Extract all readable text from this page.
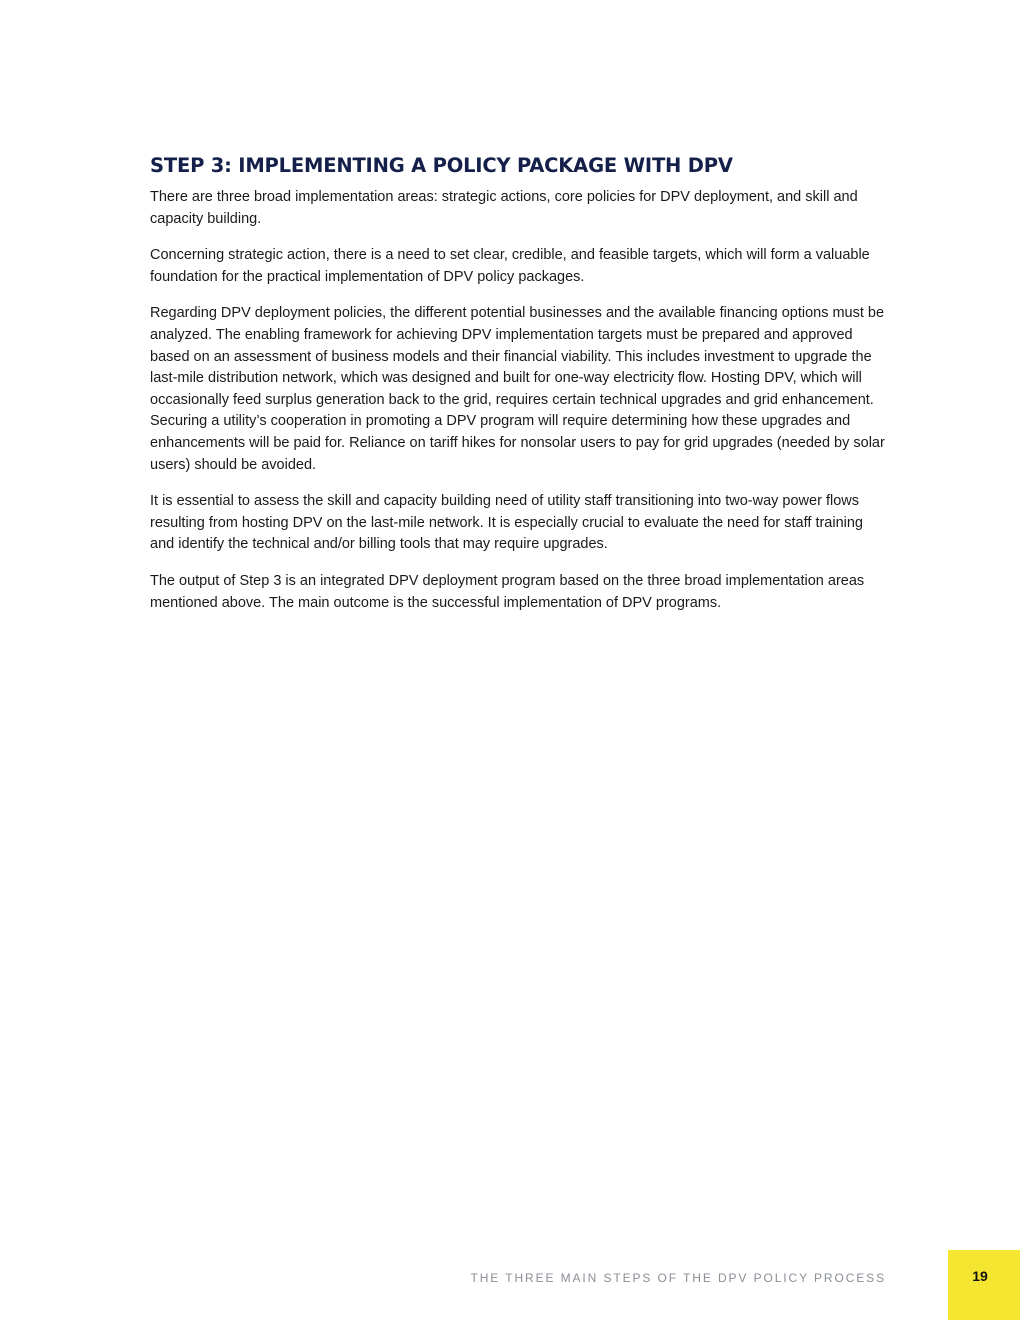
STEP 3: IMPLEMENTING A POLICY PACKAGE WITH DPV

There are three broad implementation areas: strategic actions, core policies for DPV deployment, and skill and capacity building.

Concerning strategic action, there is a need to set clear, credible, and feasible targets, which will form a valuable foundation for the practical implementation of DPV policy packages.

Regarding DPV deployment policies, the different potential businesses and the available financing options must be analyzed. The enabling framework for achieving DPV implementation targets must be prepared and approved based on an assessment of business models and their financial viability. This includes investment to upgrade the last-mile distribution network, which was designed and built for one-way electricity flow. Hosting DPV, which will occasionally feed surplus generation back to the grid, requires certain technical upgrades and grid enhancement. Securing a utility’s cooperation in promoting a DPV program will require determining how these upgrades and enhancements will be paid for. Reliance on tariff hikes for nonsolar users to pay for grid upgrades (needed by solar users) should be avoided.

It is essential to assess the skill and capacity building need of utility staff transitioning into two-way power flows resulting from hosting DPV on the last-mile network. It is especially crucial to evaluate the need for staff training and identify the technical and/or billing tools that may require upgrades.

The output of Step 3 is an integrated DPV deployment program based on the three broad implementation areas mentioned above. The main outcome is the successful implementation of DPV programs.

THE THREE MAIN STEPS OF THE DPV POLICY PROCESS	19
